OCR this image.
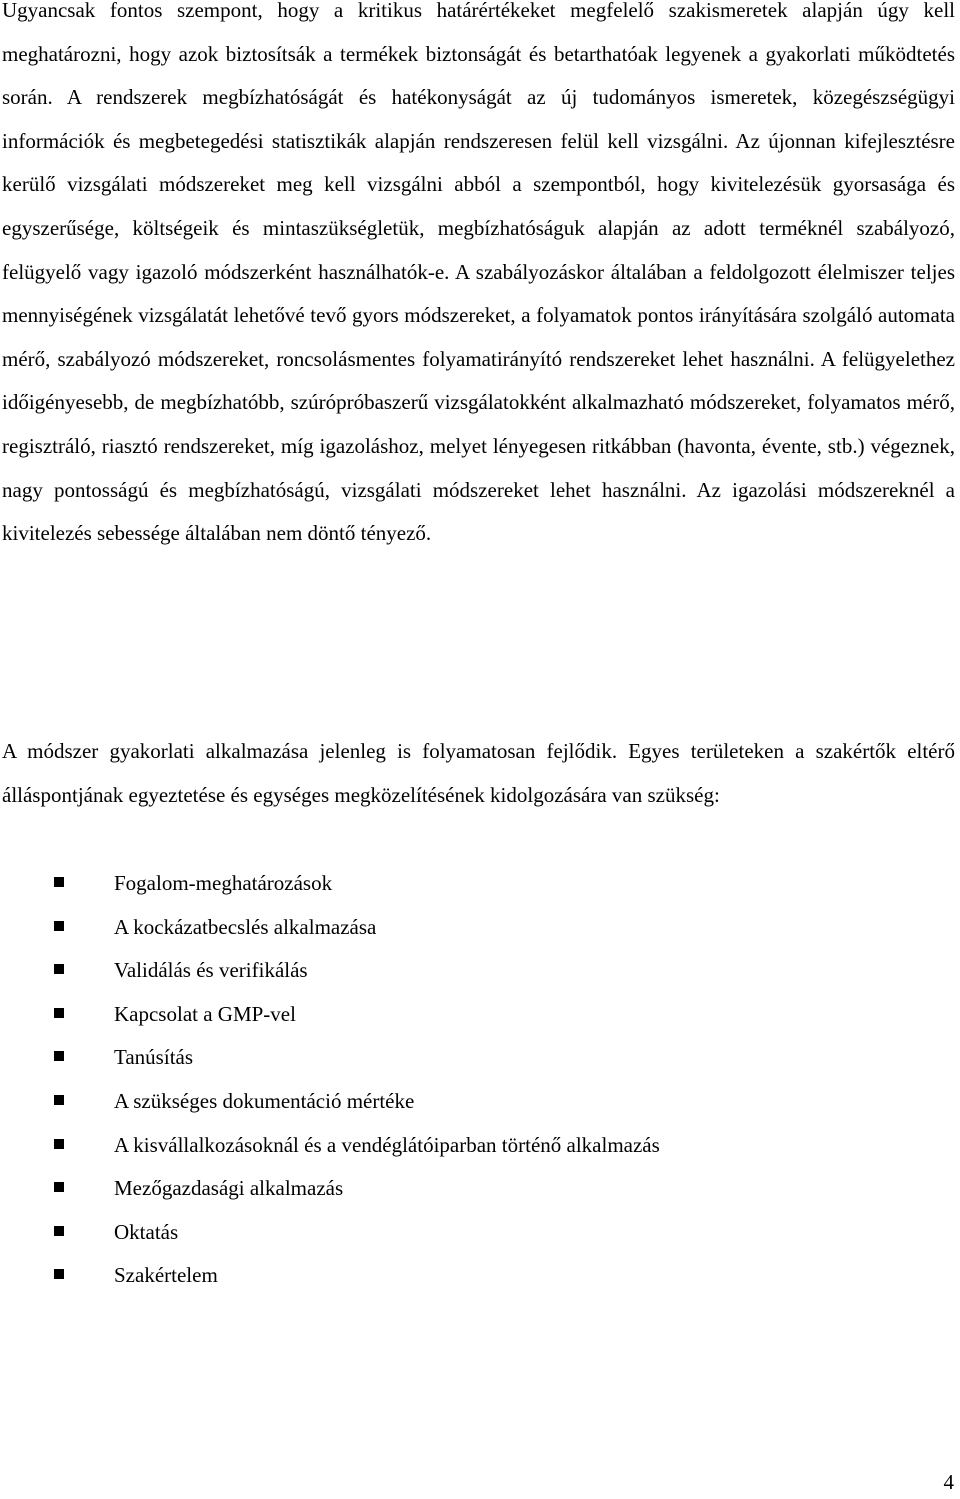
Ugyancsak fontos szempont, hogy a kritikus határértékeket megfelelő szakismeretek alapján úgy kell meghatározni, hogy azok biztosítsák a termékek biztonságát és betarthatóak legyenek a gyakorlati működtetés során. A rendszerek megbízhatóságát és hatékonyságát az új tudományos ismeretek, közegészségügyi információk és megbetegedési statisztikák alapján rendszeresen felül kell vizsgálni. Az újonnan kifejlesztésre kerülő vizsgálati módszereket meg kell vizsgálni abból a szempontból, hogy kivitelezésük gyorsasága és egyszerűsége, költségeik és mintaszükségletük, megbízhatóságuk alapján az adott terméknél szabályozó, felügyelő vagy igazoló módszerként használhatók-e. A szabályozáskor általában a feldolgozott élelmiszer teljes mennyiségének vizsgálatát lehetővé tevő gyors módszereket, a folyamatok pontos irányítására szolgáló automata mérő, szabályozó módszereket, roncsolásmentes folyamatirányító rendszereket lehet használni. A felügyelethez időigényesebb, de megbízhatóbb, szúrópróbaszerű vizsgálatokként alkalmazható módszereket, folyamatos mérő, regisztráló, riasztó rendszereket, míg igazoláshoz, melyet lényegesen ritkábban (havonta, évente, stb.) végeznek, nagy pontosságú és megbízhatóságú, vizsgálati módszereket lehet használni. Az igazolási módszereknél a kivitelezés sebessége általában nem döntő tényező.

A módszer gyakorlati alkalmazása jelenleg is folyamatosan fejlődik. Egyes területeken a szakértők eltérő álláspontjának egyeztetése és egységes megközelítésének kidolgozására van szükség:

Fogalom-meghatározások
A kockázatbecslés alkalmazása
Validálás és verifikálás
Kapcsolat a GMP-vel
Tanúsítás
A szükséges dokumentáció mértéke
A kisvállalkozásoknál és a vendéglátóiparban történő alkalmazás
Mezőgazdasági alkalmazás
Oktatás
Szakértelem
4
